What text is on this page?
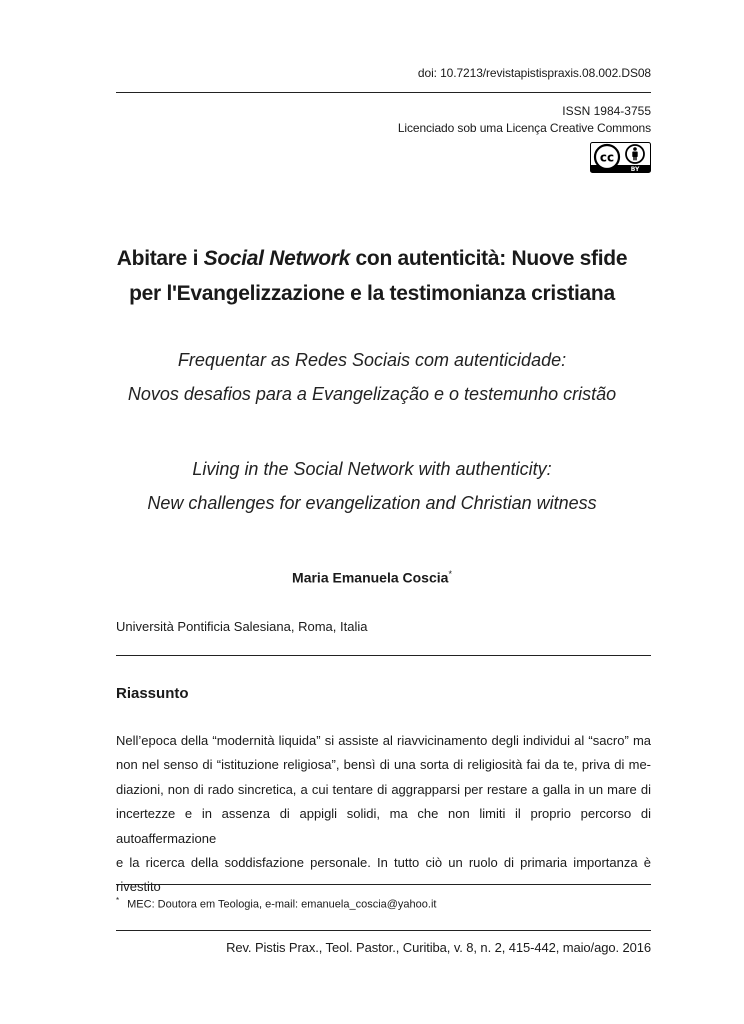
doi: 10.7213/revistapistispraxis.08.002.DS08
ISSN 1984-3755
Licenciado sob uma Licença Creative Commons
cc
BY
Abitare i Social Network con autenticità: Nuove sfide
per l'Evangelizzazione e la testimonianza cristiana
Frequentar as Redes Sociais com autenticidade:
Novos desafios para a Evangelização e o testemunho cristão
Living in the Social Network with authenticity:
New challenges for evangelization and Christian witness
Maria Emanuela Coscia*
Università Pontificia Salesiana, Roma, Italia
Riassunto

Nell’epoca della “modernità liquida” si assiste al riavvicinamento degli individui al “sacro” ma

non nel senso di “istituzione religiosa”, bensì di una sorta di religiosità fai da te, priva di me-

diazioni, non di rado sincretica, a cui tentare di aggrapparsi per restare a galla in un mare di

incertezze e in assenza di appigli solidi, ma che non limiti il proprio percorso di autoaffermazione

e la ricerca della soddisfazione personale. In tutto ciò un ruolo di primaria importanza è rivestito

* MEC: Doutora em Teologia, e-mail: emanuela_coscia@yahoo.it
Rev. Pistis Prax., Teol. Pastor., Curitiba, v. 8, n. 2, 415-442, maio/ago. 2016
